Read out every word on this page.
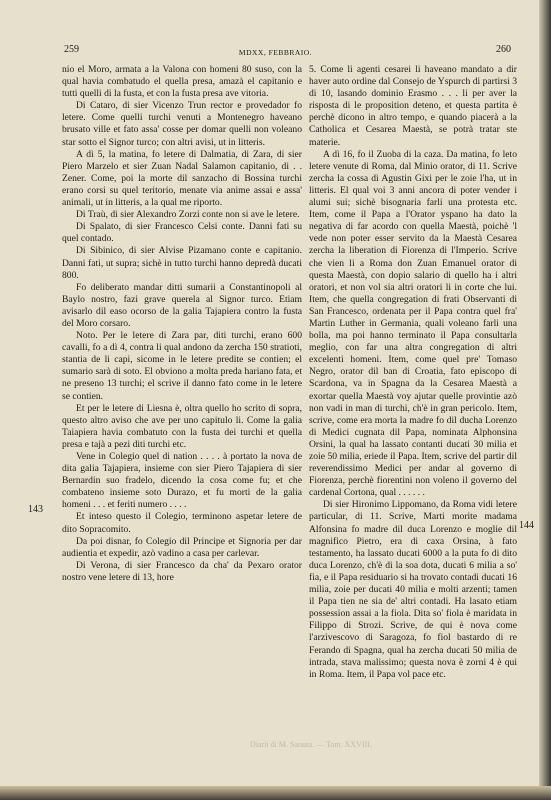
259	MDXX, FEBBRAIO.	260
143
144

nio el Moro, armata a la Valona con homeni 80 suso, con la qual havia combatudo el quella presa, amazà el capitanio e tutti quelli di la fusta, et con la fusta presa ave vitoria.

Di Cataro, di sier Vicenzo Trun rector e provedador fo letere. Come quelli turchi venuti a Montenegro haveano brusato ville et fato assa' cosse per domar quelli non voleano star sotto el Signor turco; con altri avisi, ut in litteris.

A dì 5, la matina, fo letere di Dalmatia, di Zara, di sier Piero Marzelo et sier Zuan Nadal Salamon capitanio, di . . Zener. Come, poi la morte dil sanzacho di Bossina turchi erano corsi su quel teritorio, menate via anime assai e assa' animali, ut in litteris, a la qual me riporto.

Di Traù, di sier Alexandro Zorzi conte non si ave le letere.

Di Spalato, di sier Francesco Celsi conte. Danni fati su quel contado.

Di Sibinico, di sier Alvise Pizamano conte e capitanio. Danni fati, ut supra; sichè in tutto turchi hanno depredà ducati 800.

Fo deliberato mandar ditti sumarii a Constantinopoli al Baylo nostro, fazi grave querela al Signor turco. Etiam avisarlo dil easo ocorso de la galia Tajapiera contro la fusta del Moro corsaro.

Noto. Per le letere di Zara par, diti turchi, erano 600 cavalli, fo a dì 4, contra li qual andono da zercha 150 stratioti, stantia de li capi, sicome in le letere predite se contien; el sumario sarà di soto. El obviono a molta preda hariano fata, et ne preseno 13 turchi; el scrive il danno fato come in le letere se contien.

Et per le letere di Liesna è, oltra quello ho scrito di sopra, questo altro aviso che ave per uno capitulo li. Come la galia Taiapiera havia combatuto con la fusta dei turchi et quella presa e tajà a pezi diti turchi etc.

Vene in Colegio quel di nation . . . . à portato la nova de dita galia Tajapiera, insieme con sier Piero Tajapiera di sier Bernardin suo fradelo, dicendo la cosa come fu; et che combateno insieme soto Durazo, et fu morti de la galia homeni . . . et feriti numero . . . .

Et inteso questo il Colegio, terminono aspetar letere de dito Sopracomito.

Da poi disnar, fo Colegio dil Principe et Signoria per dar audientia et expedir, azò vadino a casa per carlevar.

Di Verona, di sier Francesco da cha' da Pexaro orator nostro vene letere di 13, hore

5. Come li agenti cesarei li haveano mandato a dir haver auto ordine dal Consejo de Yspurch di partirsi 3 di 10, lasando dominio Erasmo . . . li per aver la risposta di le proposition deteno, et questa partita è perchè dicono in altro tempo, e quando piacerà a la Catholica et Cesarea Maestà, se potrà tratar ste materie.

A dì 16, fo il Zuoba di la caza. Da matina, fo leto letere venute di Roma, dal Minio orator, di 11. Scrive zercha la cossa di Agustin Gixi per le zoie l'ha, ut in litteris. El qual voi 3 anni ancora di poter vender i alumi sui; sichè bisognaria farli una protesta etc. Item, come il Papa a l'Orator yspano ha dato la negativa di far acordo con quella Maestà, poichè 'l vede non poter esser servito da la Maestà Cesarea zercha la liberation di Fiorenza di l'Imperio. Scrive che vien li a Roma don Zuan Emanuel orator di questa Maestà, con dopio salario di quello ha i altri oratori, et non vol sia altri oratori li in corte che lui. Item, che quella congregation di frati Observanti di San Francesco, ordenata per il Papa contra quel fra' Martin Luther in Germania, quali voleano farli una bolla, ma poi hanno terminato il Papa consultarla meglio, con far una altra congregation di altri excelenti homeni. Item, come quel pre' Tomaso Negro, orator dil ban di Croatia, fato episcopo di Scardona, va in Spagna da la Cesarea Maestà a exortar quella Maestà voy ajutar quelle provintie azò non vadi in man di turchi, ch'è in gran pericolo. Item, scrive, come era morta la madre fo dil ducha Lorenzo di Medici cugnata dil Papa, nominata Alphonsina Orsini, la qual ha lassato contanti ducati 30 milia et zoie 50 milia, eriede il Papa. Item, scrive del partir dil reverendissimo Medici per andar al governo di Fiorenza, perchè fiorentini non voleno il governo del cardenal Cortona, qual . . . . . .

Di sier Hironimo Lippomano, da Roma vidi letere particular, di 11. Scrive, Marti morite madama Alfonsina fo madre dil duca Lorenzo e moglie dil magnifico Pietro, era di caxa Orsina, à fato testamento, ha lassato ducati 6000 a la puta fo di dito duca Lorenzo, ch'è di la soa dota, ducati 6 milia a so' fia, e il Papa residuario si ha trovato contadi ducati 16 milia, zoie per ducati 40 milia e molti arzenti; tamen il Papa tien ne sia de' altri contadi. Ha lasato etiam possession assai a la fiola. Dita so' fiola è maridata in Filippo di Strozi. Scrive, de qui è nova come l'arzivescovo di Saragoza, fo fiol bastardo di re Ferando di Spagna, qual ha zercha ducati 50 milia de intrada, stava malissimo; questa nova è zorni 4 è qui in Roma. Item, il Papa vol pace etc.

Diarii di M. Sanuto. — Tom. XXVIII.
